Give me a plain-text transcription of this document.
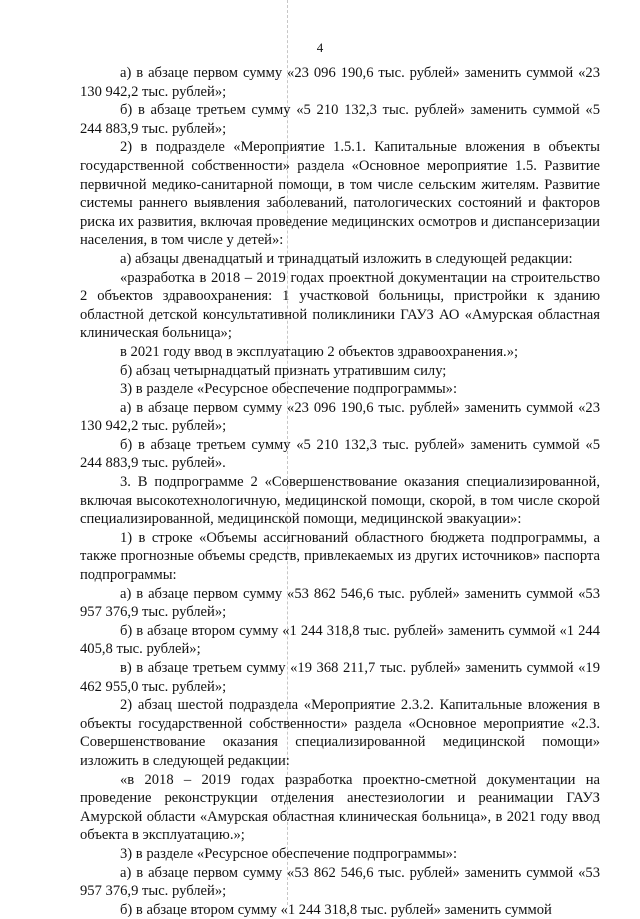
4

а) в абзаце первом сумму «23 096 190,6 тыс. рублей» заменить суммой «23 130 942,2 тыс. рублей»;

б) в абзаце третьем сумму «5 210 132,3 тыс. рублей» заменить суммой «5 244 883,9 тыс. рублей»;

2) в подразделе «Мероприятие 1.5.1. Капитальные вложения в объекты государственной собственности» раздела «Основное мероприятие 1.5. Развитие первичной медико-санитарной помощи, в том числе сельским жителям. Развитие системы раннего выявления заболеваний, патологических состояний и факторов риска их развития, включая проведение медицинских осмотров и диспансеризации населения, в том числе у детей»:

а) абзацы двенадцатый и тринадцатый изложить в следующей редакции:

«разработка в 2018 – 2019 годах проектной документации на строительство 2 объектов здравоохранения: 1 участковой больницы, пристройки к зданию областной детской консультативной поликлиники ГАУЗ АО «Амурская областная клиническая больница»;

в 2021 году ввод в эксплуатацию 2 объектов здравоохранения.»;

б) абзац четырнадцатый признать утратившим силу;

3) в разделе «Ресурсное обеспечение подпрограммы»:

а) в абзаце первом сумму «23 096 190,6 тыс. рублей» заменить суммой «23 130 942,2 тыс. рублей»;

б) в абзаце третьем сумму «5 210 132,3 тыс. рублей» заменить суммой «5 244 883,9 тыс. рублей».

3. В подпрограмме 2 «Совершенствование оказания специализированной, включая высокотехнологичную, медицинской помощи, скорой, в том числе скорой специализированной, медицинской помощи, медицинской эвакуации»:

1) в строке «Объемы ассигнований областного бюджета подпрограммы, а также прогнозные объемы средств, привлекаемых из других источников» паспорта подпрограммы:

а) в абзаце первом сумму «53 862 546,6 тыс. рублей» заменить суммой «53 957 376,9 тыс. рублей»;

б) в абзаце втором сумму «1 244 318,8 тыс. рублей» заменить суммой «1 244 405,8 тыс. рублей»;

в) в абзаце третьем сумму «19 368 211,7 тыс. рублей» заменить суммой «19 462 955,0 тыс. рублей»;

2) абзац шестой подраздела «Мероприятие 2.3.2. Капитальные вложения в объекты государственной собственности» раздела «Основное мероприятие «2.3. Совершенствование оказания специализированной медицинской помощи» изложить в следующей редакции:

«в 2018 – 2019 годах разработка проектно-сметной документации на проведение реконструкции отделения анестезиологии и реанимации ГАУЗ Амурской области «Амурская областная клиническая больница», в 2021 году ввод объекта в эксплуатацию.»;

3) в разделе «Ресурсное обеспечение подпрограммы»:

а) в абзаце первом сумму «53 862 546,6 тыс. рублей» заменить суммой «53 957 376,9 тыс. рублей»;

б) в абзаце втором сумму «1 244 318,8 тыс. рублей» заменить суммой
